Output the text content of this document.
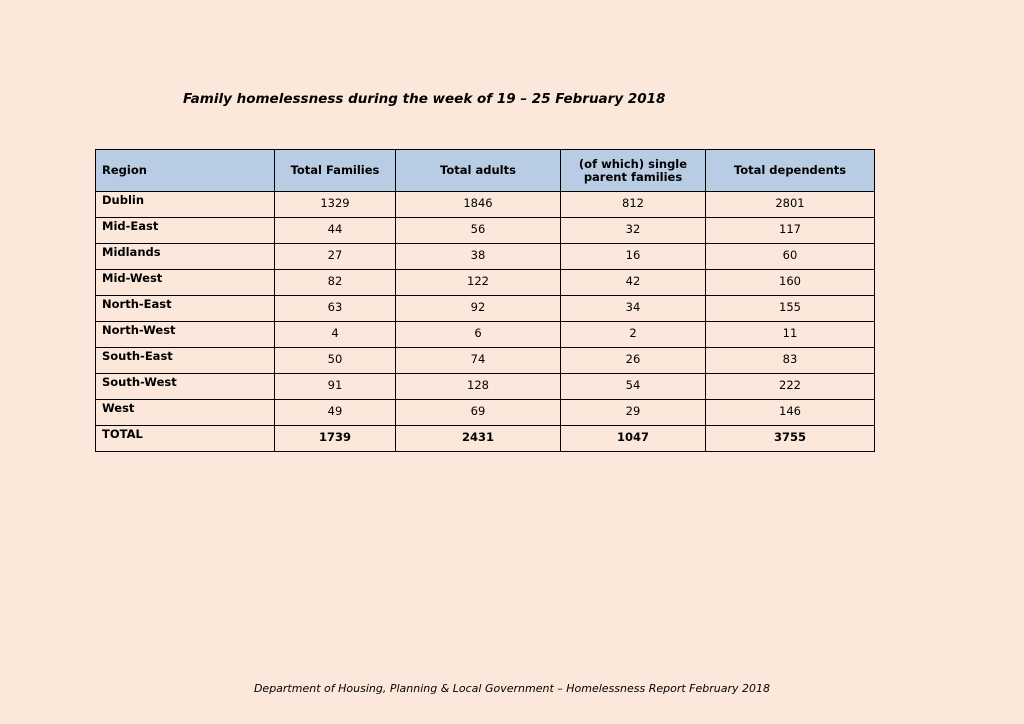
Family homelessness during the week of 19 – 25 February 2018
Region	Total Families	Total adults	(of which) single parent families	Total dependents
Dublin	1329	1846	812	2801
Mid-East	44	56	32	117
Midlands	27	38	16	60
Mid-West	82	122	42	160
North-East	63	92	34	155
North-West	4	6	2	11
South-East	50	74	26	83
South-West	91	128	54	222
West	49	69	29	146
TOTAL	1739	2431	1047	3755
Department of Housing, Planning & Local Government – Homelessness Report February 2018
